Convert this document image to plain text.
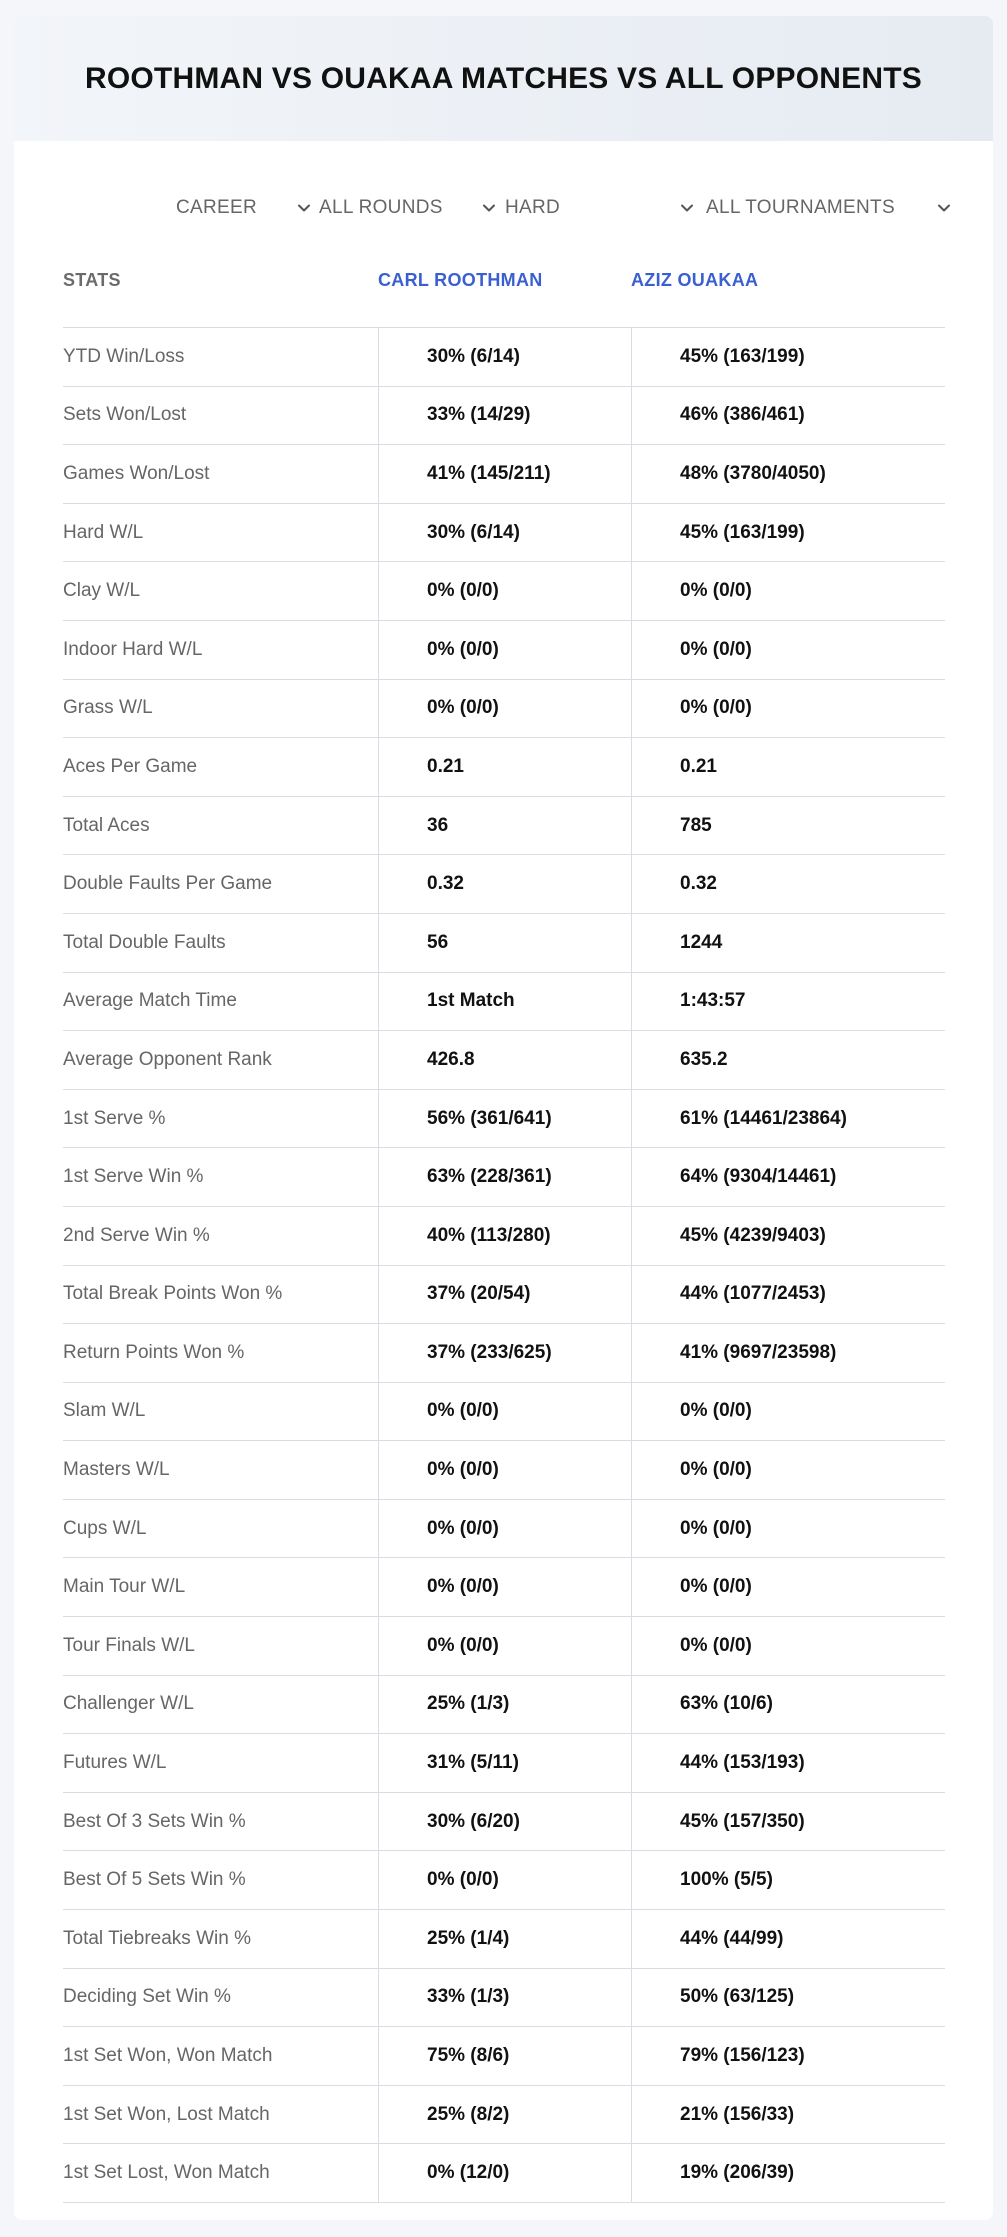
ROOTHMAN VS OUAKAA MATCHES VS ALL OPPONENTS
CAREER	ALL ROUNDS	HARD	ALL TOURNAMENTS
STATS	CARL ROOTHMAN	AZIZ OUAKAA
YTD Win/Loss	30% (6/14)	45% (163/199)
Sets Won/Lost	33% (14/29)	46% (386/461)
Games Won/Lost	41% (145/211)	48% (3780/4050)
Hard W/L	30% (6/14)	45% (163/199)
Clay W/L	0% (0/0)	0% (0/0)
Indoor Hard W/L	0% (0/0)	0% (0/0)
Grass W/L	0% (0/0)	0% (0/0)
Aces Per Game	0.21	0.21
Total Aces	36	785
Double Faults Per Game	0.32	0.32
Total Double Faults	56	1244
Average Match Time	1st Match	1:43:57
Average Opponent Rank	426.8	635.2
1st Serve %	56% (361/641)	61% (14461/23864)
1st Serve Win %	63% (228/361)	64% (9304/14461)
2nd Serve Win %	40% (113/280)	45% (4239/9403)
Total Break Points Won %	37% (20/54)	44% (1077/2453)
Return Points Won %	37% (233/625)	41% (9697/23598)
Slam W/L	0% (0/0)	0% (0/0)
Masters W/L	0% (0/0)	0% (0/0)
Cups W/L	0% (0/0)	0% (0/0)
Main Tour W/L	0% (0/0)	0% (0/0)
Tour Finals W/L	0% (0/0)	0% (0/0)
Challenger W/L	25% (1/3)	63% (10/6)
Futures W/L	31% (5/11)	44% (153/193)
Best Of 3 Sets Win %	30% (6/20)	45% (157/350)
Best Of 5 Sets Win %	0% (0/0)	100% (5/5)
Total Tiebreaks Win %	25% (1/4)	44% (44/99)
Deciding Set Win %	33% (1/3)	50% (63/125)
1st Set Won, Won Match	75% (8/6)	79% (156/123)
1st Set Won, Lost Match	25% (8/2)	21% (156/33)
1st Set Lost, Won Match	0% (12/0)	19% (206/39)
